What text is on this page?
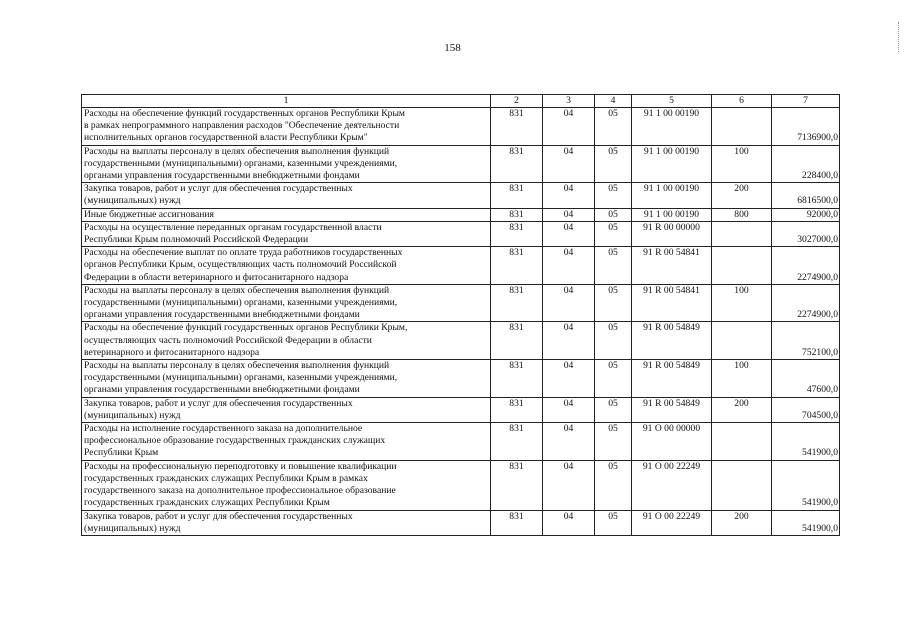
158
1	2	3	4	5	6	7

Расходы на обеспечение функций государственных органов Республики Крым
в рамках непрограммного направления расходов "Обеспечение деятельности
исполнительных органов государственной власти Республики Крым"	831	04	05	91 1 00 00190		7136900,0

Расходы на выплаты персоналу в целях обеспечения выполнения функций
государственными (муниципальными) органами, казенными учреждениями,
органами управления государственными внебюджетными фондами	831	04	05	91 1 00 00190	100	228400,0

Закупка товаров, работ и услуг для обеспечения государственных
(муниципальных) нужд	831	04	05	91 1 00 00190	200	6816500,0

Иные бюджетные ассигнования	831	04	05	91 1 00 00190	800	92000,0

Расходы на осуществление переданных органам государственной власти
Республики Крым полномочий Российской Федерации	831	04	05	91 R 00 00000		3027000,0

Расходы на обеспечение выплат по оплате труда работников государственных
органов Республики Крым, осуществляющих часть полномочий Российской
Федерации в области ветеринарного и фитосанитарного надзора	831	04	05	91 R 00 54841		2274900,0

Расходы на выплаты персоналу в целях обеспечения выполнения функций
государственными (муниципальными) органами, казенными учреждениями,
органами управления государственными внебюджетными фондами	831	04	05	91 R 00 54841	100	2274900,0

Расходы на обеспечение функций государственных органов Республики Крым,
осуществляющих часть полномочий Российской Федерации в области
ветеринарного и фитосанитарного надзора	831	04	05	91 R 00 54849		752100,0

Расходы на выплаты персоналу в целях обеспечения выполнения функций
государственными (муниципальными) органами, казенными учреждениями,
органами управления государственными внебюджетными фондами	831	04	05	91 R 00 54849	100	47600,0

Закупка товаров, работ и услуг для обеспечения государственных
(муниципальных) нужд	831	04	05	91 R 00 54849	200	704500,0

Расходы на исполнение государственного заказа на дополнительное
профессиональное образование государственных гражданских служащих
Республики Крым	831	04	05	91 О 00 00000		541900,0

Расходы на профессиональную переподготовку и повышение квалификации
государственных гражданских служащих Республики Крым в рамках
государственного заказа на дополнительное профессиональное образование
государственных гражданских служащих Республики Крым	831	04	05	91 О 00 22249		541900,0

Закупка товаров, работ и услуг для обеспечения государственных
(муниципальных) нужд	831	04	05	91 О 00 22249	200	541900,0
